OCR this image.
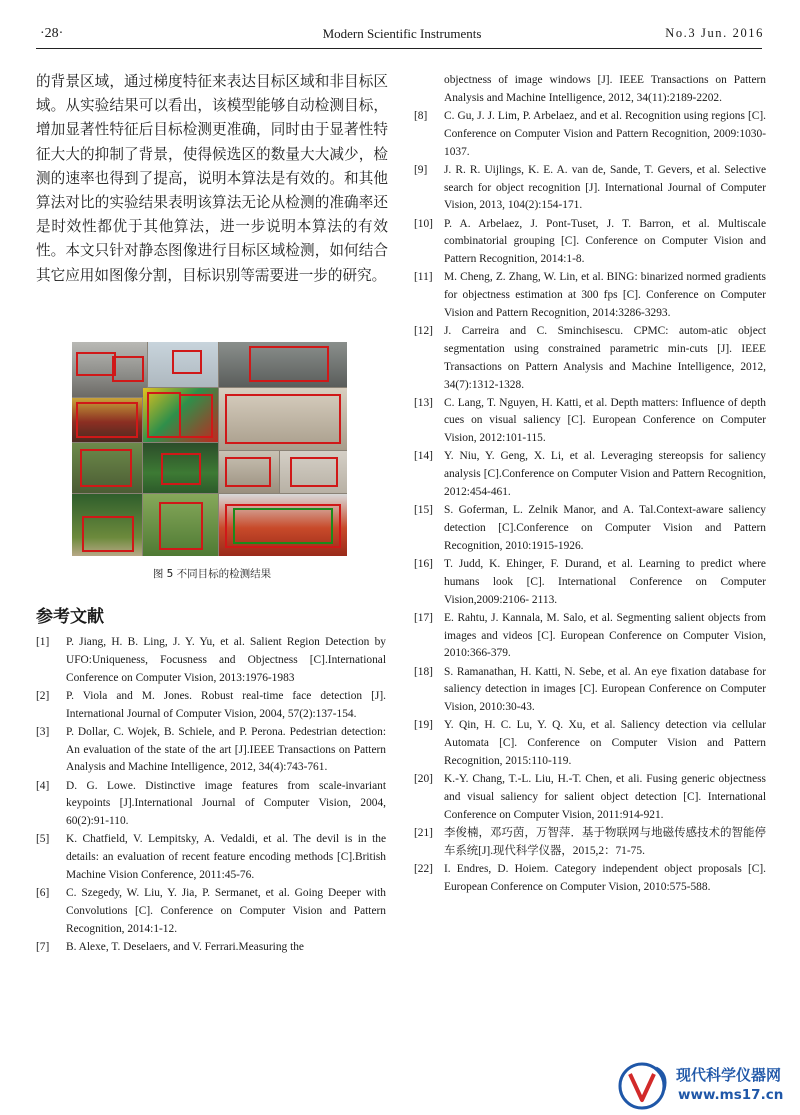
·28·	Modern Scientific Instruments	No.3 Jun. 2016

的背景区域，通过梯度特征来表达目标区域和非目标区域。从实验结果可以看出，该模型能够自动检测目标，增加显著性特征后目标检测更准确，同时由于显著性特征大大的抑制了背景，使得候选区的数量大大减少，检测的速率也得到了提高，说明本算法是有效的。和其他算法对比的实验结果表明该算法无论从检测的准确率还是时效性都优于其他算法，进一步说明本算法的有效性。本文只针对静态图像进行目标区域检测，如何结合其它应用如图像分割，目标识别等需要进一步的研究。

图 5 不同目标的检测结果
参考文献
[1]	P. Jiang, H. B. Ling, J. Y. Yu, et al. Salient Region Detection by UFO:Uniqueness, Focusness and Objectness [C].International Conference on Computer Vision, 2013:1976-1983
[2]	P. Viola and M. Jones. Robust real-time face detection [J]. International Journal of Computer Vision, 2004, 57(2):137-154.
[3]	P. Dollar, C. Wojek, B. Schiele, and P. Perona. Pedestrian detection: An evaluation of the state of the art [J].IEEE Transactions on Pattern Analysis and Machine Intelligence, 2012, 34(4):743-761.
[4]	D. G. Lowe. Distinctive image features from scale-invariant keypoints [J].International Journal of Computer Vision, 2004, 60(2):91-110.
[5]	K. Chatfield, V. Lempitsky, A. Vedaldi, et al. The devil is in the details: an evaluation of recent feature encoding methods [C].British Machine Vision Conference, 2011:45-76.
[6]	C. Szegedy, W. Liu, Y. Jia, P. Sermanet, et al. Going Deeper with Convolutions [C]. Conference on Computer Vision and Pattern Recognition, 2014:1-12.
[7]	B. Alexe, T. Deselaers, and V. Ferrari.Measuring the
objectness of image windows [J]. IEEE Transactions on Pattern Analysis and Machine Intelligence, 2012, 34(11):2189-2202.
[8]	C. Gu, J. J. Lim, P. Arbelaez, and et al. Recognition using regions [C]. Conference on Computer Vision and Pattern Recognition, 2009:1030-1037.
[9]	J. R. R. Uijlings, K. E. A. van de, Sande, T. Gevers, et al. Selective search for object recognition [J]. International Journal of Computer Vision, 2013, 104(2):154-171.
[10] P. A. Arbelaez, J. Pont-Tuset, J. T. Barron, et al. Multiscale combinatorial grouping [C]. Conference on Computer Vision and Pattern Recognition, 2014:1-8.
[11]	M. Cheng, Z. Zhang, W. Lin, et al. BING: binarized normed gradients for objectness estimation at 300 fps [C]. Conference on Computer Vision and Pattern Recognition, 2014:3286-3293.
[12] J. Carreira and C. Sminchisescu. CPMC: autom-atic object segmentation using constrained parametric min-cuts [J]. IEEE Transactions on Pattern Analysis and Machine Intelligence, 2012, 34(7):1312-1328.
[13] C. Lang, T. Nguyen, H. Katti, et al. Depth matters: Influence of depth cues on visual saliency [C]. European Conference on Computer Vision, 2012:101-115.
[14] Y. Niu, Y. Geng, X. Li, et al. Leveraging stereopsis for saliency analysis [C].Conference on Computer Vision and Pattern Recognition, 2012:454-461.
[15] S. Goferman, L. Zelnik Manor, and A. Tal.Context-aware saliency detection [C].Conference on Computer Vision and Pattern Recognition, 2010:1915-1926.
[16] T. Judd, K. Ehinger, F. Durand, et al. Learning to predict where humans look [C]. International Conference on Computer Vision,2009:2106- 2113.
[17] E. Rahtu, J. Kannala, M. Salo, et al. Segmenting salient objects from images and videos [C]. European Conference on Computer Vision, 2010:366-379.
[18] S. Ramanathan, H. Katti, N. Sebe, et al. An eye fixation database for saliency detection in images [C]. European Conference on Computer Vision, 2010:30-43.
[19] Y. Qin, H. C. Lu, Y. Q. Xu, et al. Saliency detection via cellular Automata [C]. Conference on Computer Vision and Pattern Recognition, 2015:110-119.
[20] K.-Y. Chang, T.-L. Liu, H.-T. Chen, et ali. Fusing generic objectness and visual saliency for salient object detection [C]. International Conference on Computer Vision, 2011:914-921.
[21] 李俊楠，邓巧茵，万智萍．基于物联网与地磁传感技术的智能停车系统[J].现代科学仪器，2015,2：71-75.
[22] I. Endres, D. Hoiem. Category independent object proposals [C]. European Conference on Computer Vision, 2010:575-588.
现代科学仪器网
www.ms17.cn
